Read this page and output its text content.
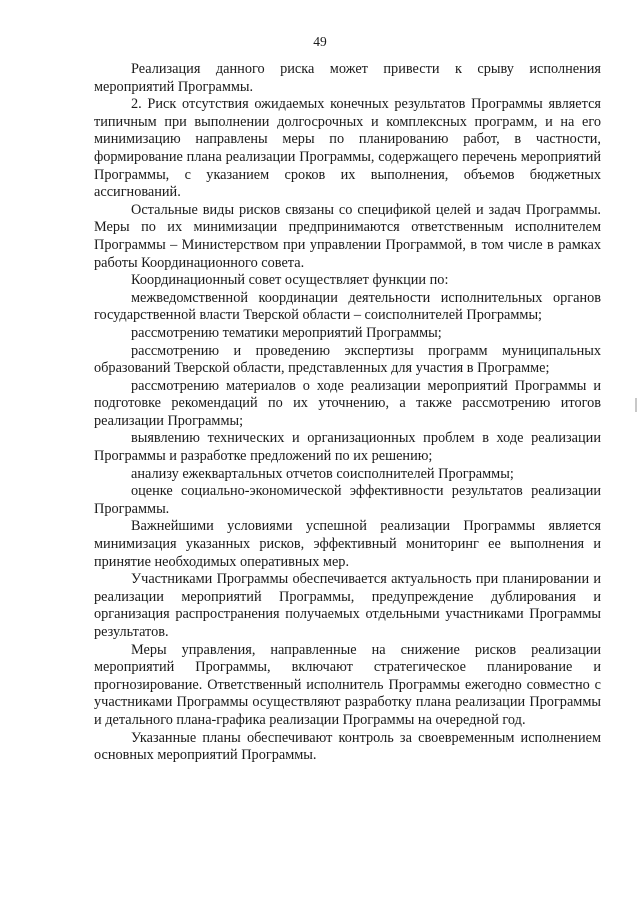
49

Реализация данного риска может привести к срыву исполнения мероприятий Программы.

2. Риск отсутствия ожидаемых конечных результатов Программы является типичным при выполнении долгосрочных и комплексных программ, и на его минимизацию направлены меры по планированию работ, в частности, формирование плана реализации Программы, содержащего перечень мероприятий Программы, с указанием сроков их выполнения, объемов бюджетных ассигнований.

Остальные виды рисков связаны со спецификой целей и задач Программы. Меры по их минимизации предпринимаются ответственным исполнителем Программы – Министерством при управлении Программой, в том числе в рамках работы Координационного совета.

Координационный совет осуществляет функции по:

межведомственной координации деятельности исполнительных органов государственной власти Тверской области – соисполнителей Программы;

рассмотрению тематики мероприятий Программы;

рассмотрению и проведению экспертизы программ муниципальных образований Тверской области, представленных для участия в Программе;

рассмотрению материалов о ходе реализации мероприятий Программы и подготовке рекомендаций по их уточнению, а также рассмотрению итогов реализации Программы;

выявлению технических и организационных проблем в ходе реализации Программы и разработке предложений по их решению;

анализу ежеквартальных отчетов соисполнителей Программы;

оценке социально-экономической эффективности результатов реализации Программы.

Важнейшими условиями успешной реализации Программы является минимизация указанных рисков, эффективный мониторинг ее выполнения и принятие необходимых оперативных мер.

Участниками Программы обеспечивается актуальность при планировании и реализации мероприятий Программы, предупреждение дублирования и организация распространения получаемых отдельными участниками Программы результатов.

Меры управления, направленные на снижение рисков реализации мероприятий Программы, включают стратегическое планирование и прогнозирование. Ответственный исполнитель Программы ежегодно совместно с участниками Программы осуществляют разработку плана реализации Программы и детального плана-графика реализации Программы на очередной год.

Указанные планы обеспечивают контроль за своевременным исполнением основных мероприятий Программы.
